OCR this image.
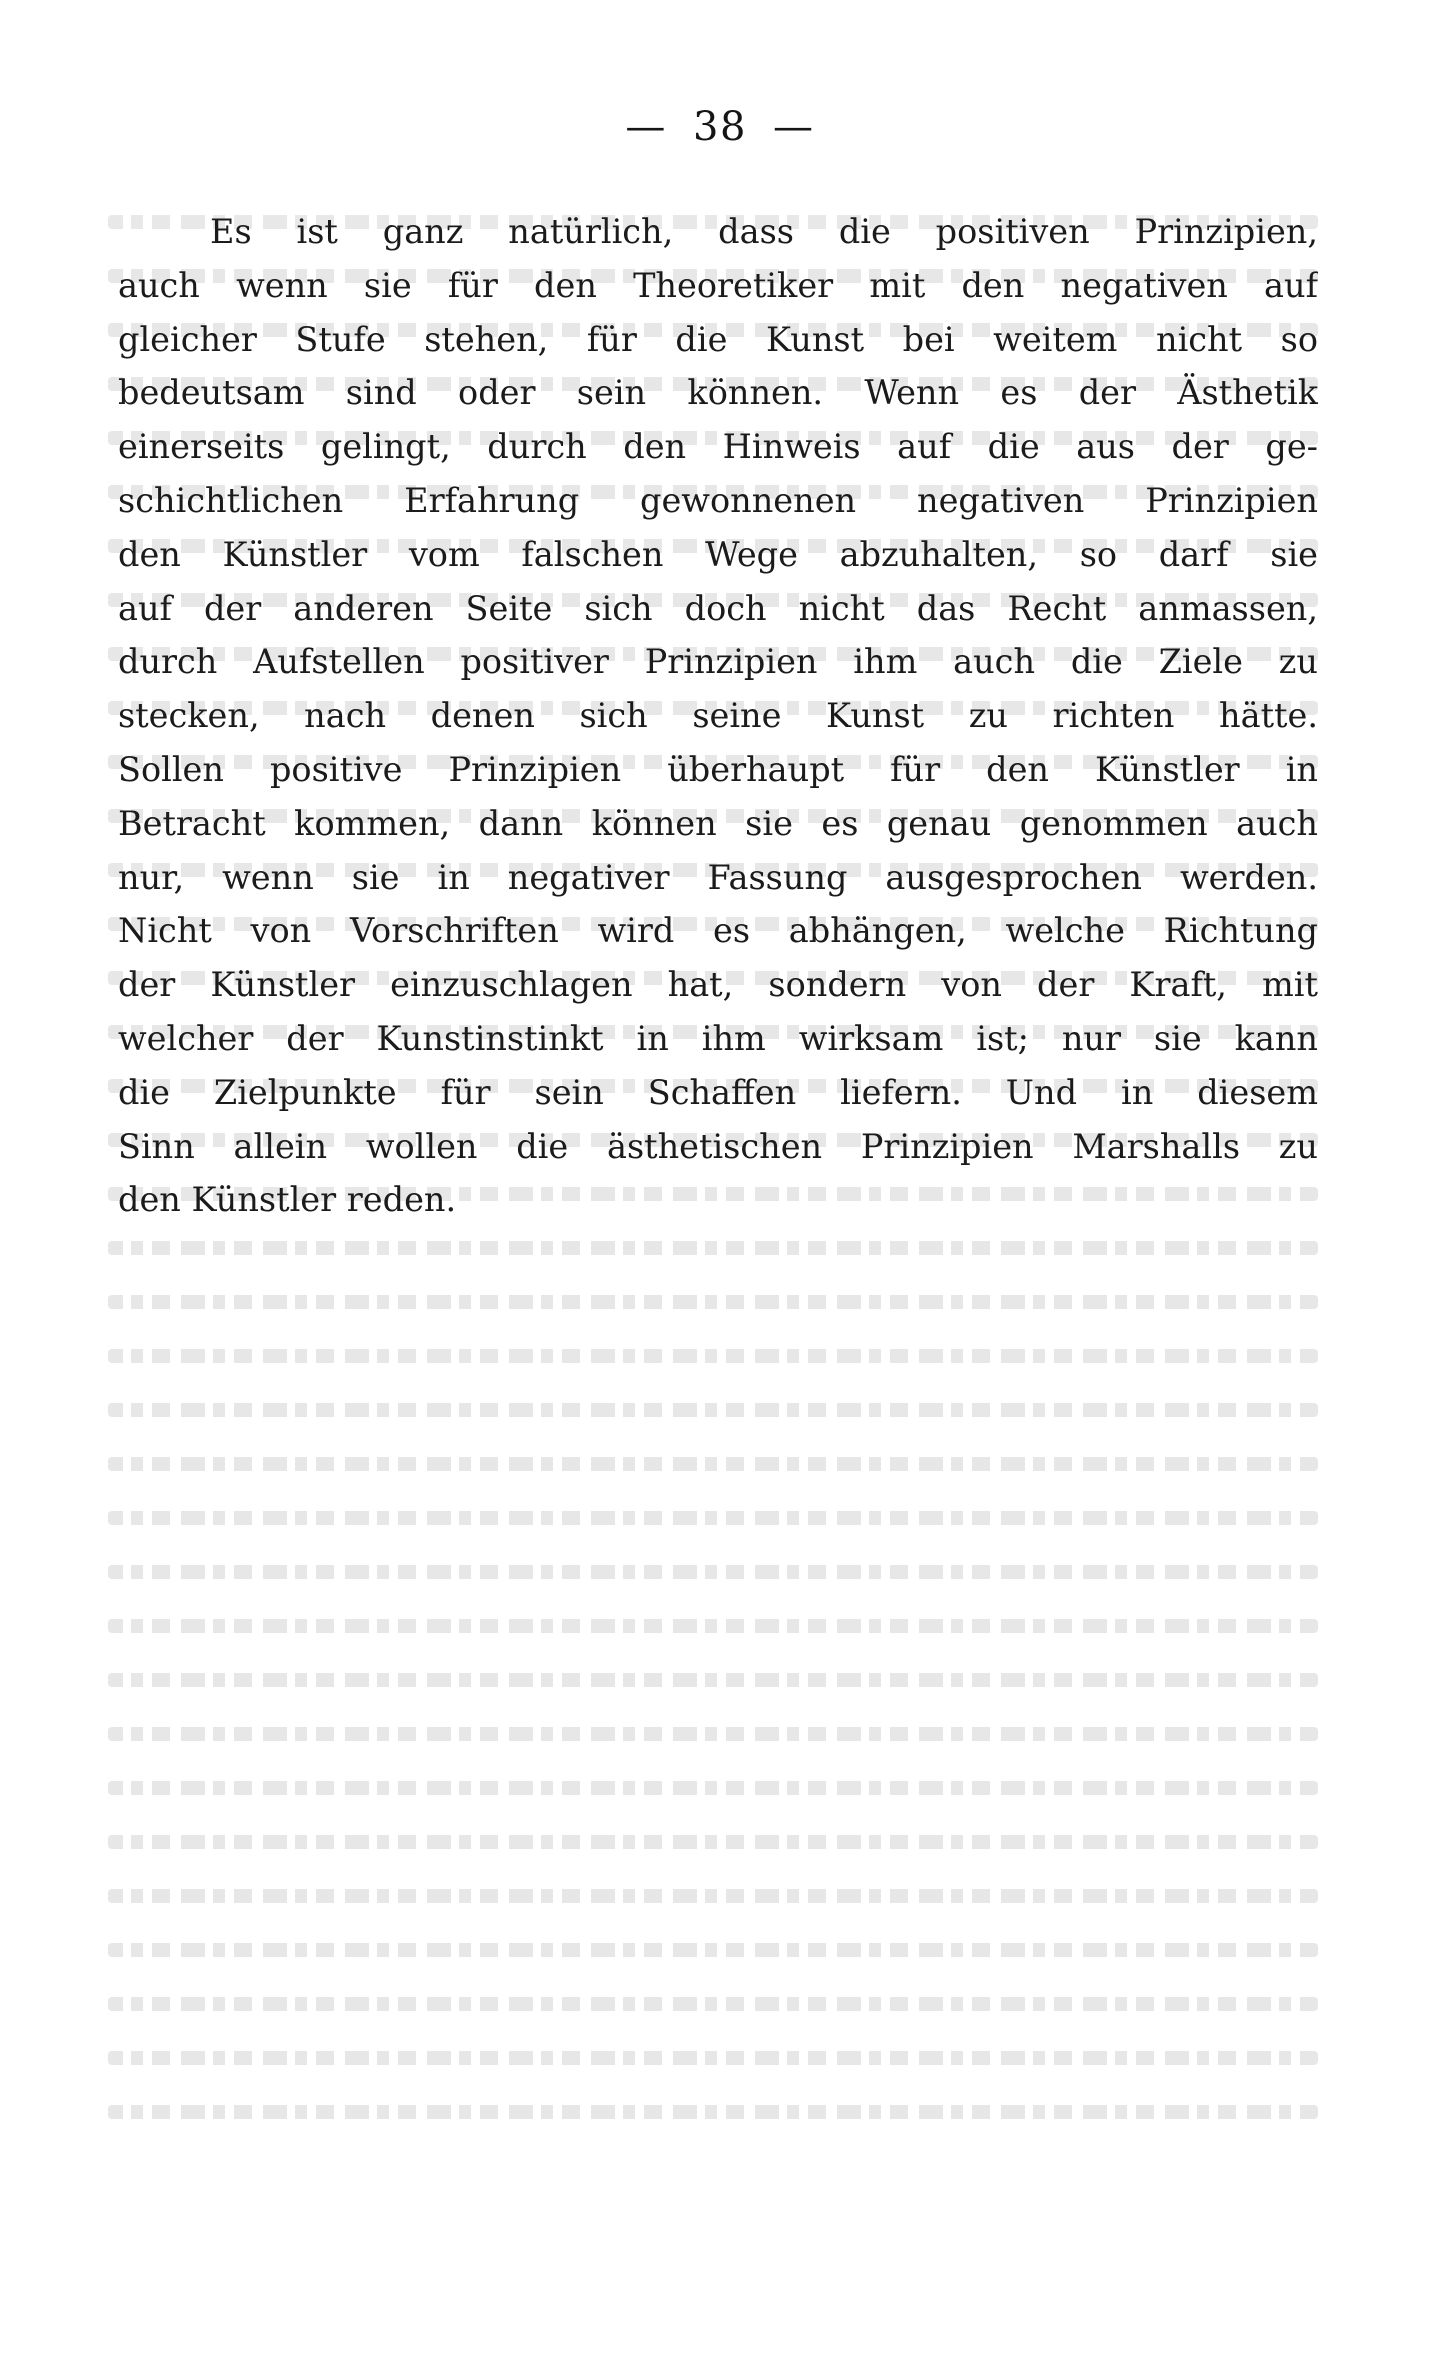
— 38 —
Es ist ganz natürlich, dass die positiven Prinzipien,
auch wenn sie für den Theoretiker mit den negativen auf
gleicher Stufe stehen, für die Kunst bei weitem nicht so
bedeutsam sind oder sein können. Wenn es der Ästhetik
einerseits gelingt, durch den Hinweis auf die aus der ge-
schichtlichen Erfahrung gewonnenen negativen Prinzipien
den Künstler vom falschen Wege abzuhalten, so darf sie
auf der anderen Seite sich doch nicht das Recht anmassen,
durch Aufstellen positiver Prinzipien ihm auch die Ziele zu
stecken, nach denen sich seine Kunst zu richten hätte.
Sollen positive Prinzipien überhaupt für den Künstler in
Betracht kommen, dann können sie es genau genommen auch
nur, wenn sie in negativer Fassung ausgesprochen werden.
Nicht von Vorschriften wird es abhängen, welche Richtung
der Künstler einzuschlagen hat, sondern von der Kraft, mit
welcher der Kunstinstinkt in ihm wirksam ist; nur sie kann
die Zielpunkte für sein Schaffen liefern. Und in diesem
Sinn allein wollen die ästhetischen Prinzipien Marshalls zu
den Künstler reden.
